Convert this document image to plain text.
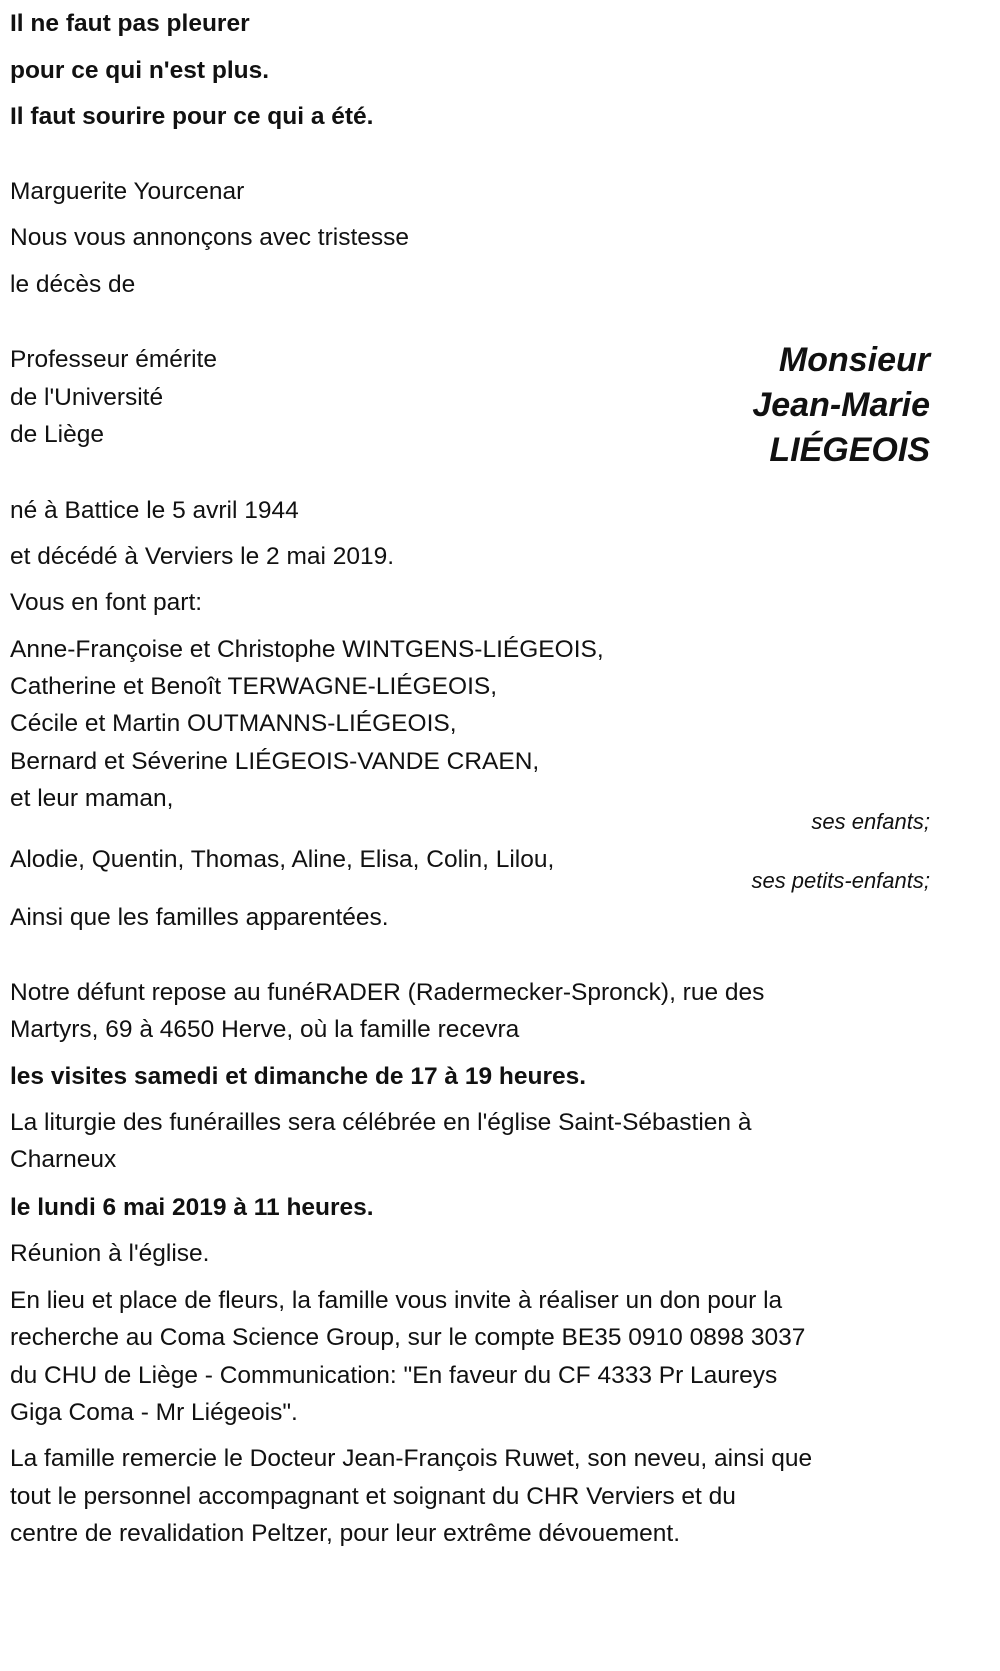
Il ne faut pas pleurer
pour ce qui n'est plus.
Il faut sourire pour ce qui a été.
Marguerite Yourcenar
Nous vous annonçons avec tristesse
le décès de
Professeur émérite
de l'Université
de Liège
Monsieur
Jean-Marie
LIÉGEOIS
né à Battice le 5 avril 1944
et décédé à Verviers le 2 mai 2019.
Vous en font part:
Anne-Françoise et Christophe WINTGENS-LIÉGEOIS,
Catherine et Benoît TERWAGNE-LIÉGEOIS,
Cécile et Martin OUTMANNS-LIÉGEOIS,
Bernard et Séverine LIÉGEOIS-VANDE CRAEN,
et leur maman,
ses enfants;
Alodie, Quentin, Thomas, Aline, Elisa, Colin, Lilou,
ses petits-enfants;
Ainsi que les familles apparentées.
Notre défunt repose au funéRADER (Radermecker-Spronck), rue des
Martyrs, 69 à 4650 Herve, où la famille recevra
les visites samedi et dimanche de 17 à 19 heures.
La liturgie des funérailles sera célébrée en l'église Saint-Sébastien à
Charneux
le lundi 6 mai 2019 à 11 heures.
Réunion à l'église.
En lieu et place de fleurs, la famille vous invite à réaliser un don pour la
recherche au Coma Science Group, sur le compte BE35 0910 0898 3037
du CHU de Liège - Communication: "En faveur du CF 4333 Pr Laureys
Giga Coma - Mr Liégeois".
La famille remercie le Docteur Jean-François Ruwet, son neveu, ainsi que
tout le personnel accompagnant et soignant du CHR Verviers et du
centre de revalidation Peltzer, pour leur extrême dévouement.
